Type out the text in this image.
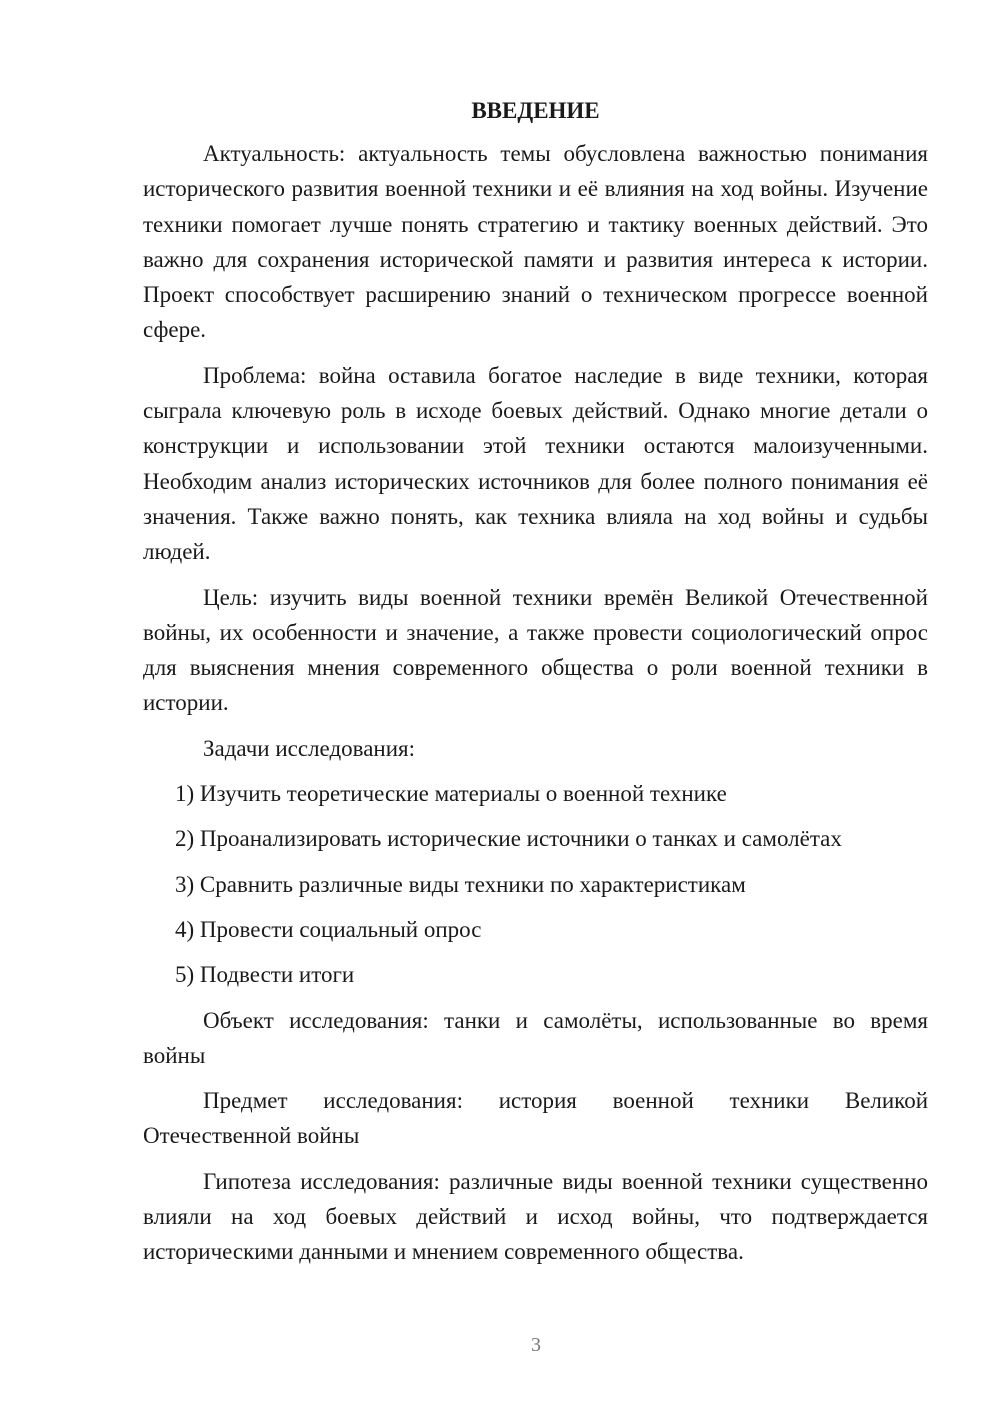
ВВЕДЕНИЕ

Актуальность: актуальность темы обусловлена важностью понимания исторического развития военной техники и её влияния на ход войны. Изучение техники помогает лучше понять стратегию и тактику военных действий. Это важно для сохранения исторической памяти и развития интереса к истории. Проект способствует расширению знаний о техническом прогрессе военной сфере.

Проблема: война оставила богатое наследие в виде техники, которая сыграла ключевую роль в исходе боевых действий. Однако многие детали о конструкции и использовании этой техники остаются малоизученными. Необходим анализ исторических источников для более полного понимания её значения. Также важно понять, как техника влияла на ход войны и судьбы людей.

Цель: изучить виды военной техники времён Великой Отечественной войны, их особенности и значение, а также провести социологический опрос для выяснения мнения современного общества о роли военной техники в истории.

Задачи исследования:

1) Изучить теоретические материалы о военной технике
2) Проанализировать исторические источники о танках и самолётах
3) Сравнить различные виды техники по характеристикам
4) Провести социальный опрос
5) Подвести итоги

Объект исследования: танки и самолёты, использованные во время войны

Предмет исследования: история военной техники Великой Отечественной войны

Гипотеза исследования: различные виды военной техники существенно влияли на ход боевых действий и исход войны, что подтверждается историческими данными и мнением современного общества.

3
